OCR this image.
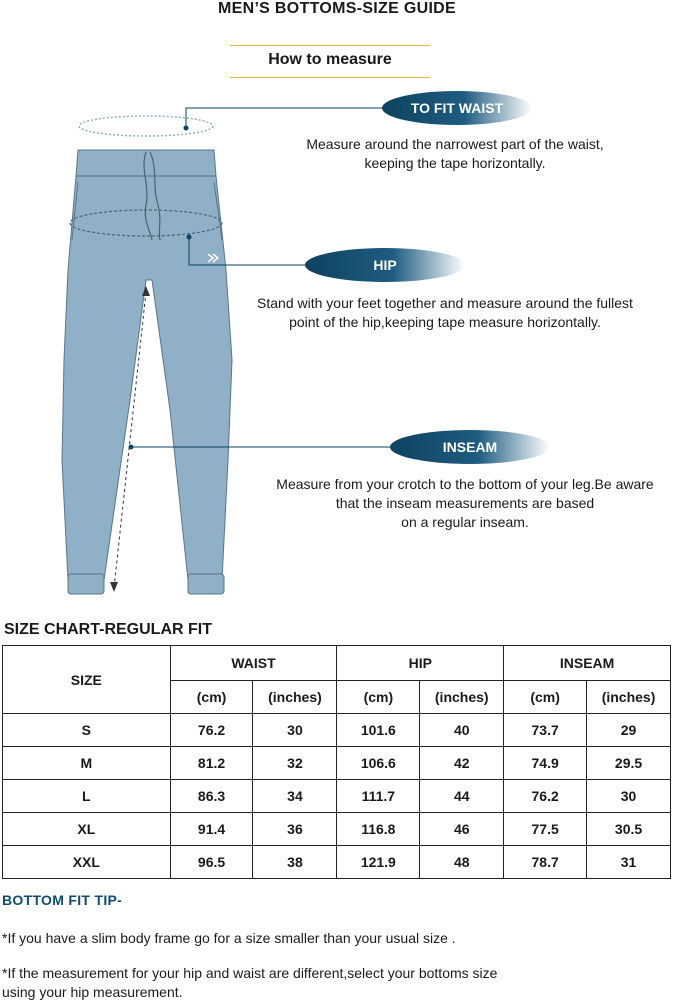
MEN’S BOTTOMS-SIZE GUIDE
How to measure
TO FIT WAIST
Measure around the narrowest part of the waist,
keeping the tape horizontally.
HIP
Stand with your feet together and measure around the fullest
point of the hip,keeping tape measure horizontally.
INSEAM
Measure from your crotch to the bottom of your leg.Be aware
that the inseam measurements are based
on a regular inseam.
SIZE CHART-REGULAR FIT
SIZE	WAIST		HIP		INSEAM	
	(cm)	(inches)	(cm)	(inches)	(cm)	(inches)
S	76.2	30	101.6	40	73.7	29
M	81.2	32	106.6	42	74.9	29.5
L	86.3	34	111.7	44	76.2	30
XL	91.4	36	116.8	46	77.5	30.5
XXL	96.5	38	121.9	48	78.7	31
BOTTOM FIT TIP-
*If you have a slim body frame go for a size smaller than your usual size .
*If the measurement for your hip and waist are different,select your bottoms size
using your hip measurement.
